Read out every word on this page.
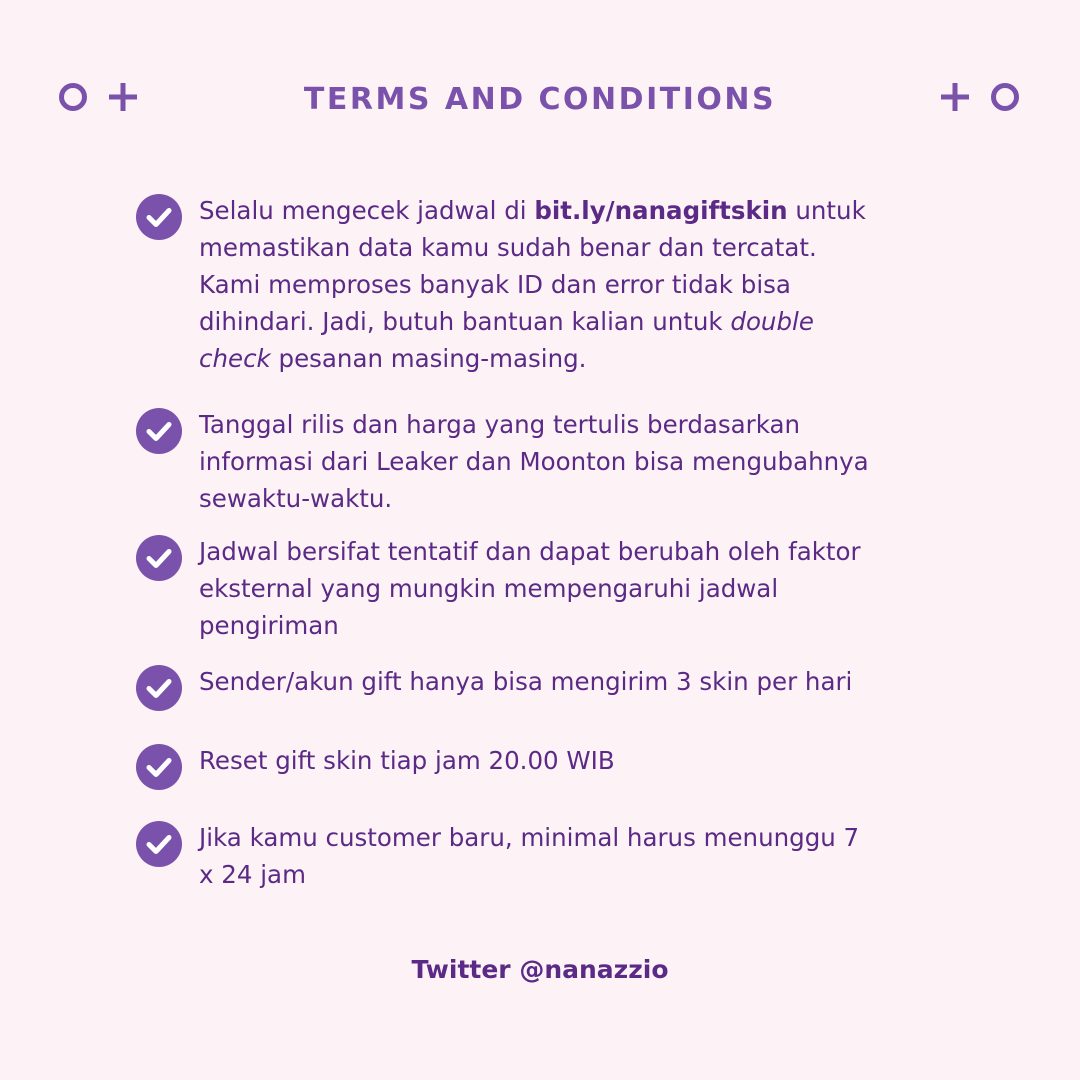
TERMS AND CONDITIONS
Selalu mengecek jadwal di bit.ly/nanagiftskin untuk
memastikan data kamu sudah benar dan tercatat.
Kami memproses banyak ID dan error tidak bisa
dihindari. Jadi, butuh bantuan kalian untuk double
check pesanan masing-masing.
Tanggal rilis dan harga yang tertulis berdasarkan
informasi dari Leaker dan Moonton bisa mengubahnya
sewaktu-waktu.
Jadwal bersifat tentatif dan dapat berubah oleh faktor
eksternal yang mungkin mempengaruhi jadwal
pengiriman
Sender/akun gift hanya bisa mengirim 3 skin per hari
Reset gift skin tiap jam 20.00 WIB
Jika kamu customer baru, minimal harus menunggu 7
x 24 jam
Twitter @nanazzio
